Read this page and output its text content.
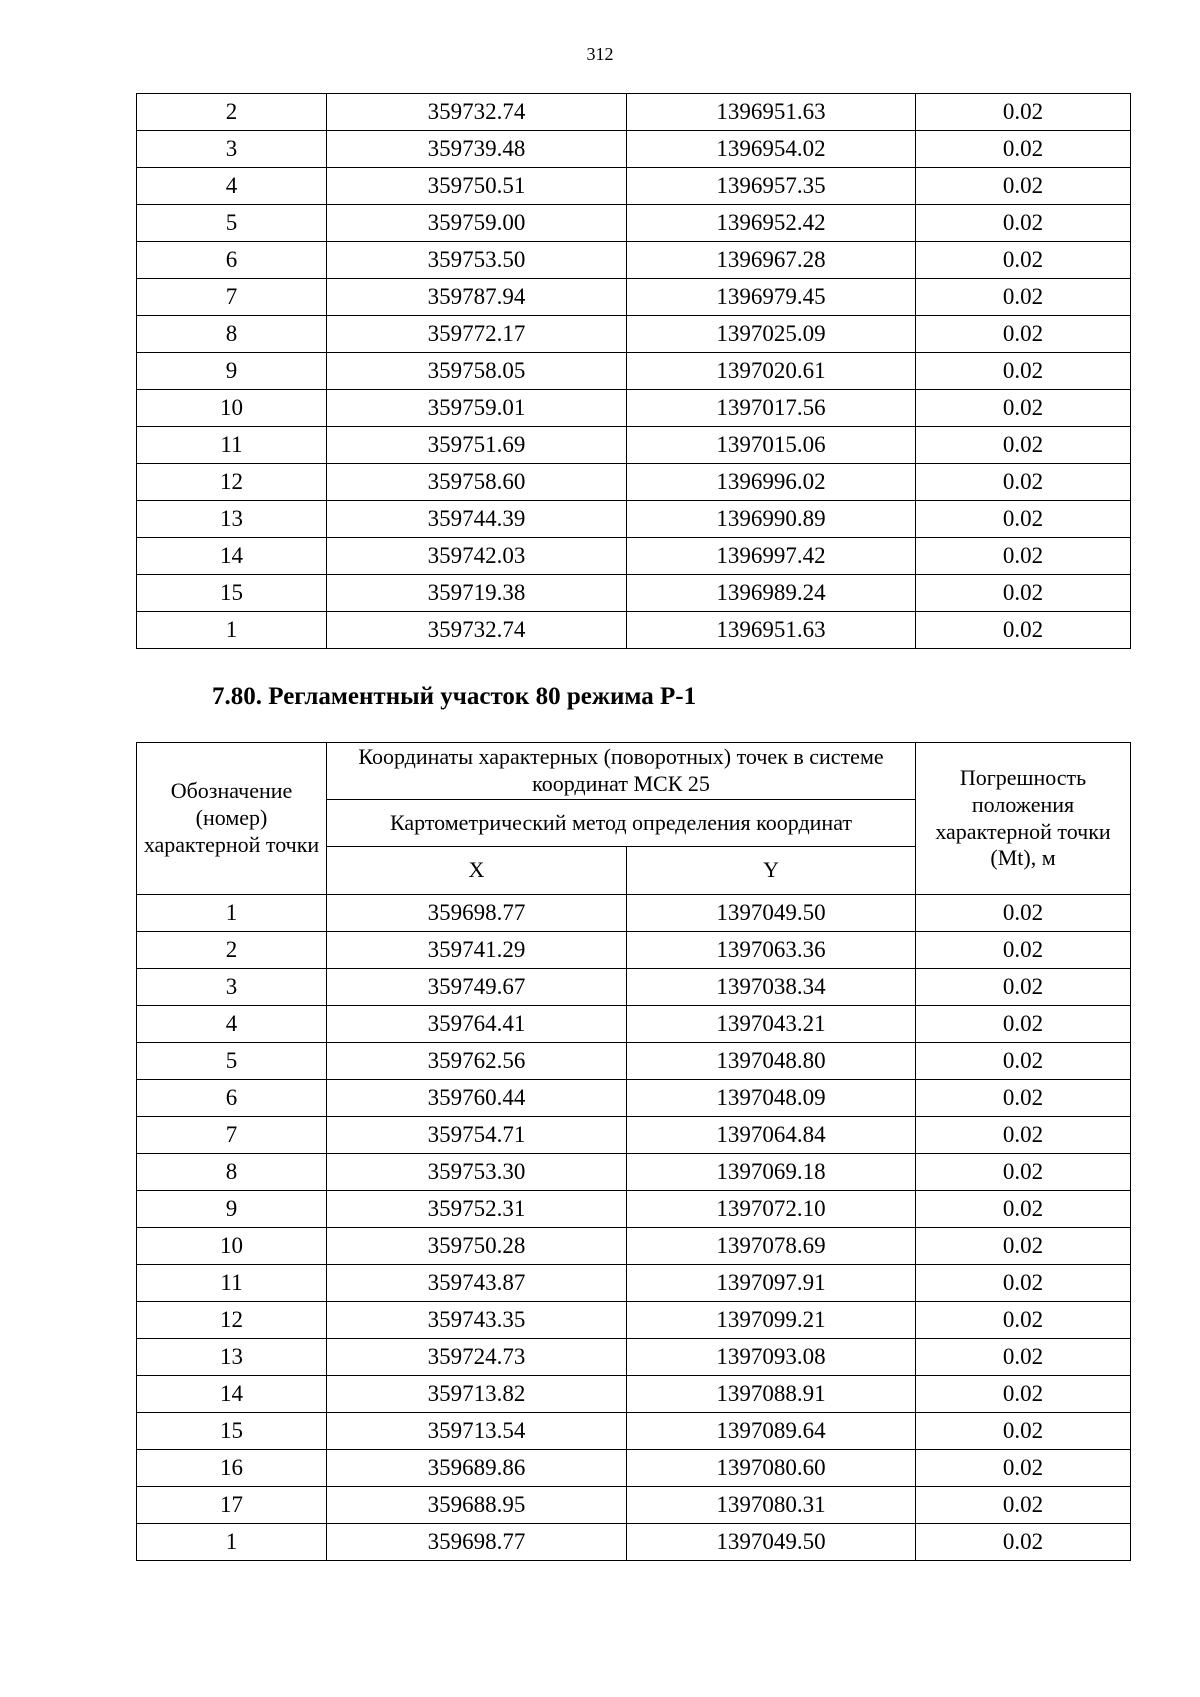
312
2	359732.74	1396951.63	0.02
3	359739.48	1396954.02	0.02
4	359750.51	1396957.35	0.02
5	359759.00	1396952.42	0.02
6	359753.50	1396967.28	0.02
7	359787.94	1396979.45	0.02
8	359772.17	1397025.09	0.02
9	359758.05	1397020.61	0.02
10	359759.01	1397017.56	0.02
11	359751.69	1397015.06	0.02
12	359758.60	1396996.02	0.02
13	359744.39	1396990.89	0.02
14	359742.03	1396997.42	0.02
15	359719.38	1396989.24	0.02
1	359732.74	1396951.63	0.02
7.80. Регламентный участок 80 режима Р-1
Обозначение (номер) характерной точки	Координаты характерных (поворотных) точек в системе координат МСК 25		Погрешность положения характерной точки (Mt), м
	Картометрический метод определения координат		
	X	Y	
1	359698.77	1397049.50	0.02
2	359741.29	1397063.36	0.02
3	359749.67	1397038.34	0.02
4	359764.41	1397043.21	0.02
5	359762.56	1397048.80	0.02
6	359760.44	1397048.09	0.02
7	359754.71	1397064.84	0.02
8	359753.30	1397069.18	0.02
9	359752.31	1397072.10	0.02
10	359750.28	1397078.69	0.02
11	359743.87	1397097.91	0.02
12	359743.35	1397099.21	0.02
13	359724.73	1397093.08	0.02
14	359713.82	1397088.91	0.02
15	359713.54	1397089.64	0.02
16	359689.86	1397080.60	0.02
17	359688.95	1397080.31	0.02
1	359698.77	1397049.50	0.02
